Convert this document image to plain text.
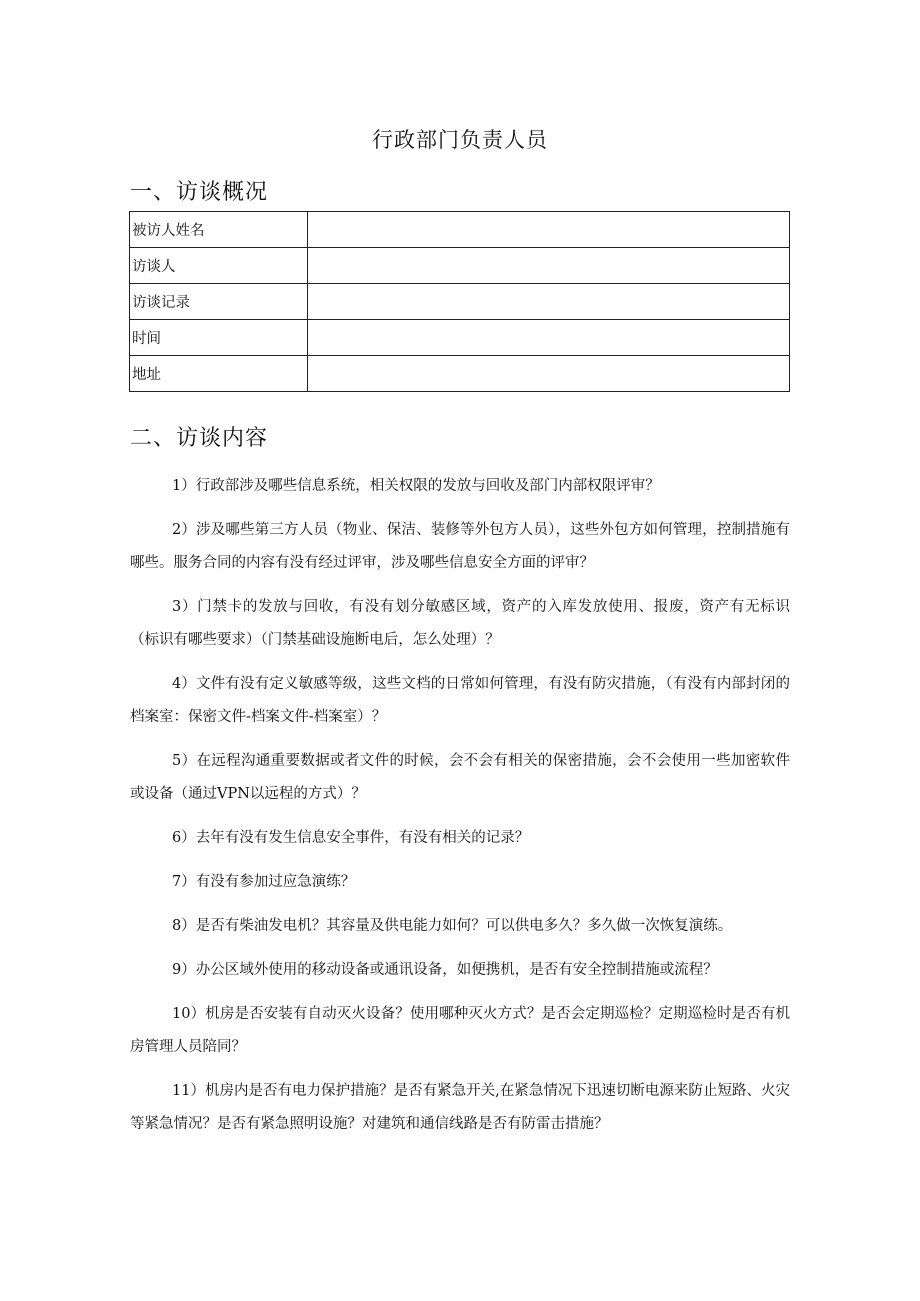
行政部门负责人员
一、访谈概况
被访人姓名	
访谈人	
访谈记录	
时间	
地址	
二、访谈内容

1）行政部涉及哪些信息系统，相关权限的发放与回收及部门内部权限评审？

2）涉及哪些第三方人员（物业、保洁、装修等外包方人员），这些外包方如何管理，控制措施有哪些。服务合同的内容有没有经过评审，涉及哪些信息安全方面的评审？

3）门禁卡的发放与回收，有没有划分敏感区域，资产的入库发放使用、报废，资产有无标识（标识有哪些要求）（门禁基础设施断电后，怎么处理）？

4）文件有没有定义敏感等级，这些文档的日常如何管理，有没有防灾措施，（有没有内部封闭的档案室：保密文件-档案文件-档案室）？

5）在远程沟通重要数据或者文件的时候，会不会有相关的保密措施，会不会使用一些加密软件或设备（通过VPN以远程的方式）？

6）去年有没有发生信息安全事件，有没有相关的记录？

7）有没有参加过应急演练？

8）是否有柴油发电机？其容量及供电能力如何？可以供电多久？多久做一次恢复演练。

9）办公区域外使用的移动设备或通讯设备，如便携机，是否有安全控制措施或流程？

10）机房是否安装有自动灭火设备？使用哪种灭火方式？是否会定期巡检？定期巡检时是否有机房管理人员陪同？

11）机房内是否有电力保护措施？是否有紧急开关,在紧急情况下迅速切断电源来防止短路、火灾等紧急情况？是否有紧急照明设施？对建筑和通信线路是否有防雷击措施？
